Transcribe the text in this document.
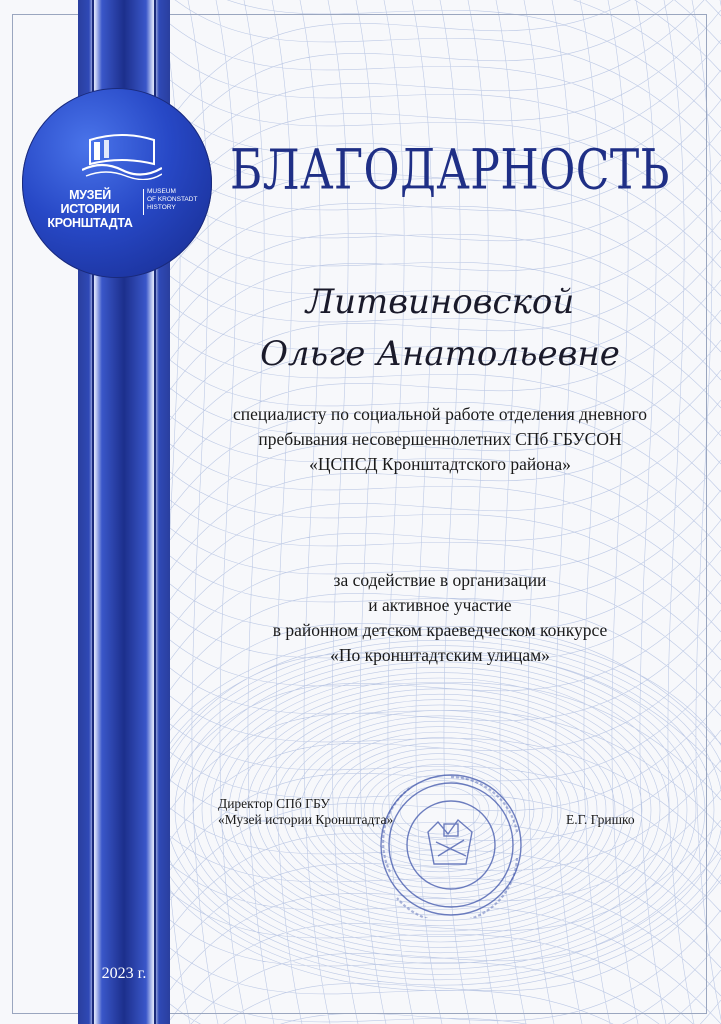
МУЗЕЙ ИСТОРИИ
КРОНШТАДТА
MUSEUM
OF KRONSTADT
HISTORY
БЛАГОДАРНОСТЬ
Литвиновской
Ольге Анатольевне
специалисту по социальной работе отделения дневного
пребывания несовершеннолетних СПб ГБУСОН
«ЦСПСД Кронштадтского района»
за содействие в организации
и активное участие
в районном детском краеведческом конкурсе
«По кронштадтским улицам»
Директор СПб ГБУ
«Музей истории Кронштадта»	Е.Г. Гришко
2023 г.
